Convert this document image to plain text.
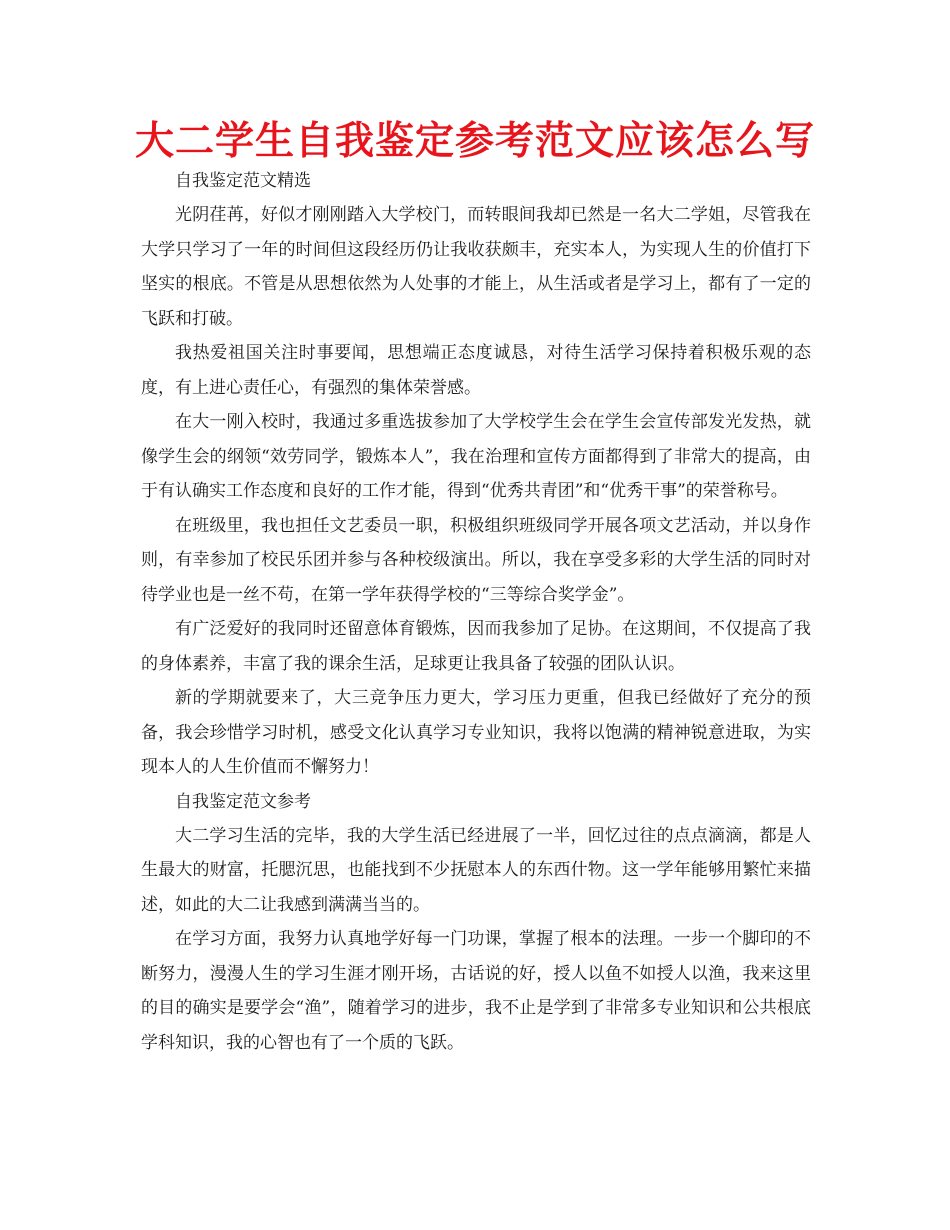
大二学生自我鉴定参考范文应该怎么写

自我鉴定范文精选

光阴荏苒，好似才刚刚踏入大学校门，而转眼间我却已然是一名大二学姐，尽管我在大学只学习了一年的时间但这段经历仍让我收获颇丰，充实本人，为实现人生的价值打下坚实的根底。不管是从思想依然为人处事的才能上，从生活或者是学习上，都有了一定的飞跃和打破。

我热爱祖国关注时事要闻，思想端正态度诚恳，对待生活学习保持着积极乐观的态度，有上进心责任心，有强烈的集体荣誉感。

在大一刚入校时，我通过多重选拔参加了大学校学生会在学生会宣传部发光发热，就像学生会的纲领“效劳同学，锻炼本人”，我在治理和宣传方面都得到了非常大的提高，由于有认确实工作态度和良好的工作才能，得到“优秀共青团”和“优秀干事”的荣誉称号。

在班级里，我也担任文艺委员一职，积极组织班级同学开展各项文艺活动，并以身作则，有幸参加了校民乐团并参与各种校级演出。所以，我在享受多彩的大学生活的同时对待学业也是一丝不苟，在第一学年获得学校的“三等综合奖学金”。

有广泛爱好的我同时还留意体育锻炼，因而我参加了足协。在这期间，不仅提高了我的身体素养，丰富了我的课余生活，足球更让我具备了较强的团队认识。

新的学期就要来了，大三竞争压力更大，学习压力更重，但我已经做好了充分的预备，我会珍惜学习时机，感受文化认真学习专业知识，我将以饱满的精神锐意进取，为实现本人的人生价值而不懈努力！

自我鉴定范文参考

大二学习生活的完毕，我的大学生活已经进展了一半，回忆过往的点点滴滴，都是人生最大的财富，托腮沉思，也能找到不少抚慰本人的东西什物。这一学年能够用繁忙来描述，如此的大二让我感到满满当当的。

在学习方面，我努力认真地学好每一门功课，掌握了根本的法理。一步一个脚印的不断努力，漫漫人生的学习生涯才刚开场，古话说的好，授人以鱼不如授人以渔，我来这里的目的确实是要学会“渔”，随着学习的进步，我不止是学到了非常多专业知识和公共根底学科知识，我的心智也有了一个质的飞跃。
